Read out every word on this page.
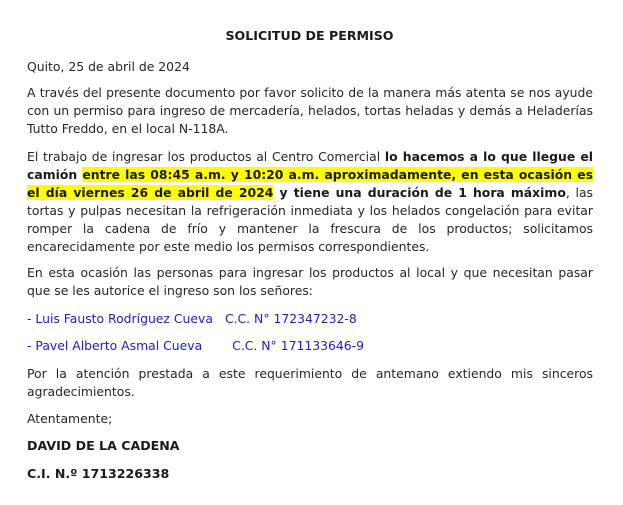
SOLICITUD DE PERMISO
Quito, 25 de abril de 2024
A través del presente documento por favor solicito de la manera más atenta se nos ayude con un permiso para ingreso de mercadería, helados, tortas heladas y demás a Heladerías Tutto Freddo, en el local N-118A.
El trabajo de ingresar los productos al Centro Comercial lo hacemos a lo que llegue el camión entre las 08:45 a.m. y 10:20 a.m. aproximadamente, en esta ocasión es el día viernes 26 de abril de 2024 y tiene una duración de 1 hora máximo, las tortas y pulpas necesitan la refrigeración inmediata y los helados congelación para evitar romper la cadena de frío y mantener la frescura de los productos; solicitamos encarecidamente por este medio los permisos correspondientes.
En esta ocasión las personas para ingresar los productos al local y que necesitan pasar que se les autorice el ingreso son los señores:
- Luis Fausto Rodríguez Cueva C.C. N° 172347232-8
- Pavel Alberto Asmal Cueva C.C. N° 171133646-9
Por la atención prestada a este requerimiento de antemano extiendo mis sinceros agradecimientos.
Atentamente;
DAVID DE LA CADENA
C.I. N.º 1713226338
